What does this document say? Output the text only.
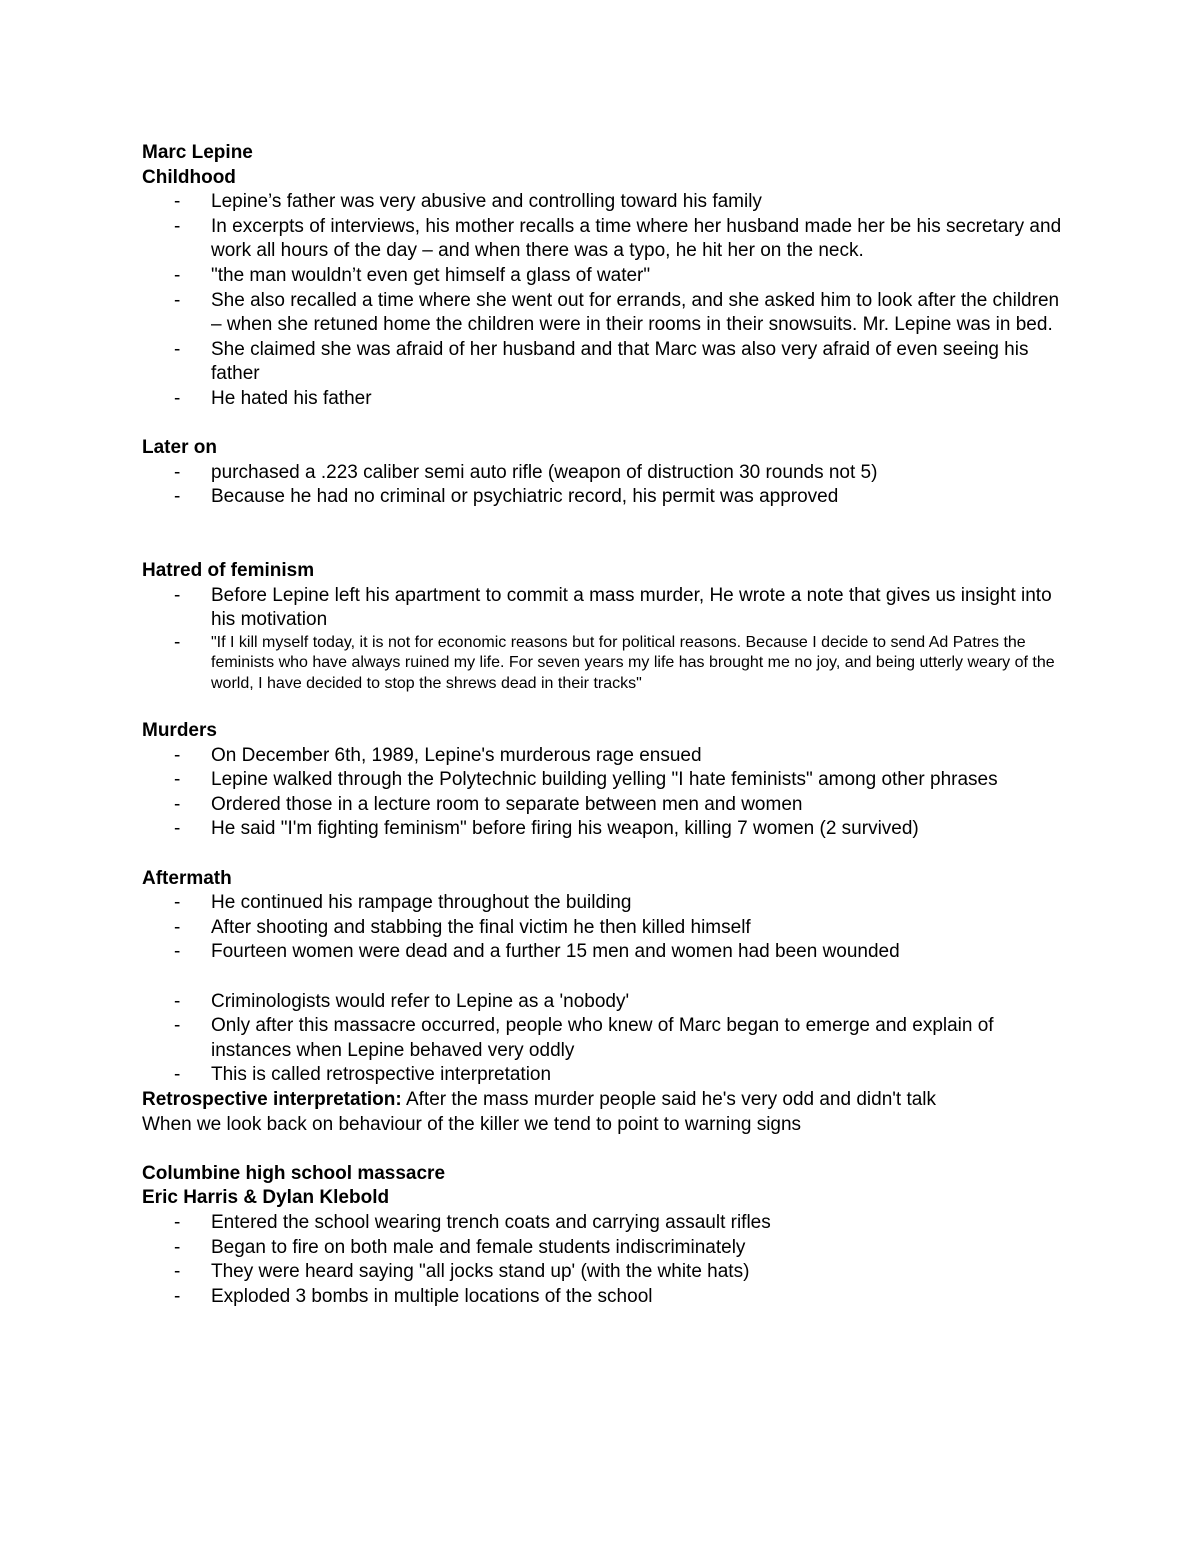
Marc Lepine

Childhood

- Lepine’s father was very abusive and controlling toward his family
- In excerpts of interviews, his mother recalls a time where her husband made her be his secretary and work all hours of the day – and when there was a typo, he hit her on the neck.
- "the man wouldn’t even get himself a glass of water"
- She also recalled a time where she went out for errands, and she asked him to look after the children – when she retuned home the children were in their rooms in their snowsuits. Mr. Lepine was in bed.
- She claimed she was afraid of her husband and that Marc was also very afraid of even seeing his father
- He hated his father

Later on

- purchased a .223 caliber semi auto rifle (weapon of distruction 30 rounds not 5)
- Because he had no criminal or psychiatric record, his permit was approved

Hatred of feminism

- Before Lepine left his apartment to commit a mass murder, He wrote a note that gives us insight into his motivation
- "If I kill myself today, it is not for economic reasons but for political reasons. Because I decide to send Ad Patres the feminists who have always ruined my life. For seven years my life has brought me no joy, and being utterly weary of the world, I have decided to stop the shrews dead in their tracks"

Murders

- On December 6th, 1989, Lepine's murderous rage ensued
- Lepine walked through the Polytechnic building yelling "I hate feminists" among other phrases
- Ordered those in a lecture room to separate between men and women
- He said "I'm fighting feminism" before firing his weapon, killing 7 women (2 survived)

Aftermath

- He continued his rampage throughout the building
- After shooting and stabbing the final victim he then killed himself
- Fourteen women were dead and a further 15 men and women had been wounded
- Criminologists would refer to Lepine as a 'nobody'
- Only after this massacre occurred, people who knew of Marc began to emerge and explain of instances when Lepine behaved very oddly
- This is called retrospective interpretation

Retrospective interpretation: After the mass murder people said he's very odd and didn't talk

When we look back on behaviour of the killer we tend to point to warning signs

Columbine high school massacre

Eric Harris & Dylan Klebold

- Entered the school wearing trench coats and carrying assault rifles
- Began to fire on both male and female students indiscriminately
- They were heard saying "all jocks stand up' (with the white hats)
- Exploded 3 bombs in multiple locations of the school
